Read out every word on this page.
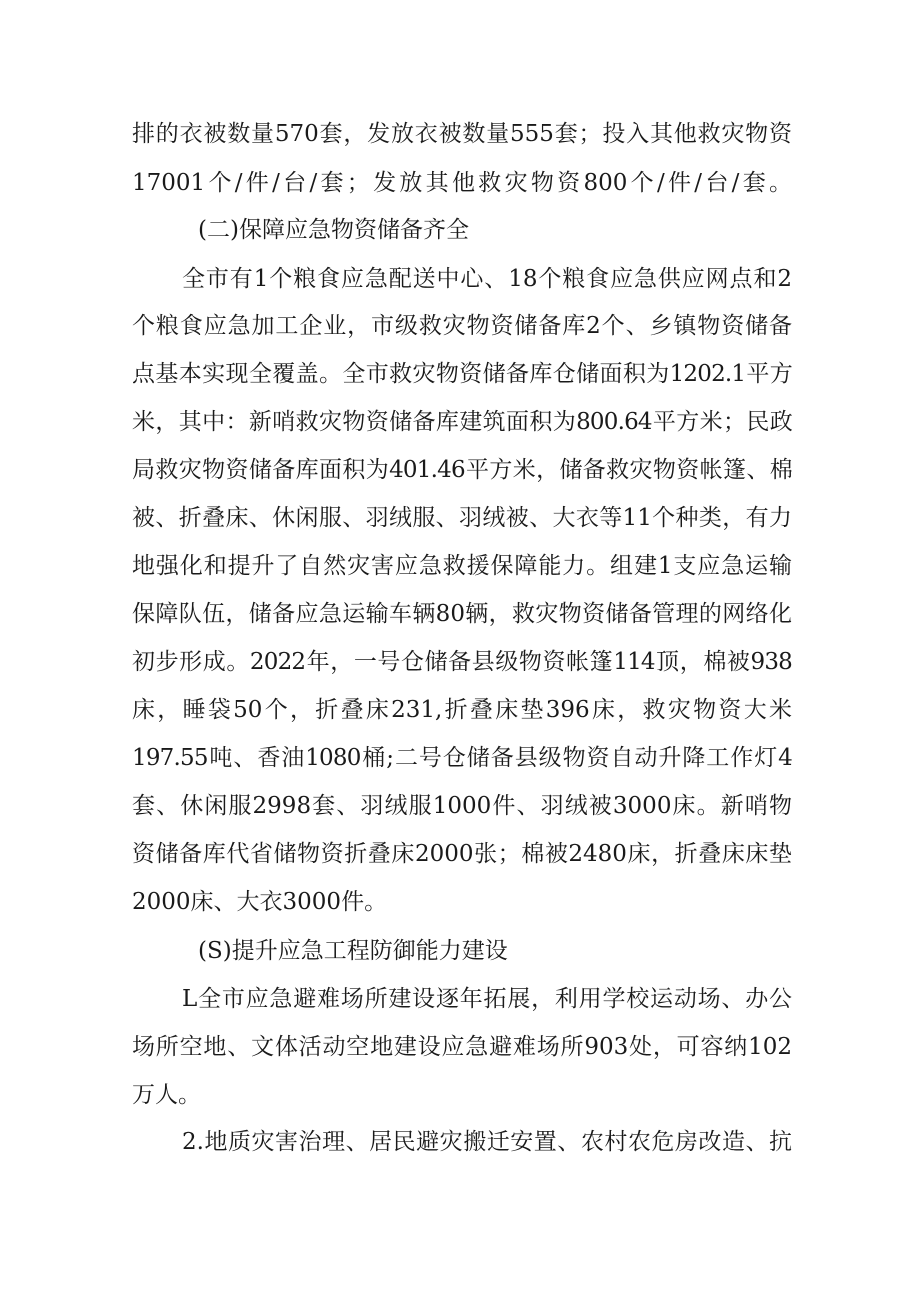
排的衣被数量570套，发放衣被数量555套；投入其他救灾物资
17001个/件/台/套；发放其他救灾物资800个/件/台/套。
(二)保障应急物资储备齐全
全市有1个粮食应急配送中心、18个粮食应急供应网点和2
个粮食应急加工企业，市级救灾物资储备库2个、乡镇物资储备
点基本实现全覆盖。全市救灾物资储备库仓储面积为1202.1平方
米，其中：新哨救灾物资储备库建筑面积为800.64平方米；民政
局救灾物资储备库面积为401.46平方米，储备救灾物资帐篷、棉
被、折叠床、休闲服、羽绒服、羽绒被、大衣等11个种类，有力
地强化和提升了自然灾害应急救援保障能力。组建1支应急运输
保障队伍，储备应急运输车辆80辆，救灾物资储备管理的网络化
初步形成。2022年，一号仓储备县级物资帐篷114顶，棉被938
床，睡袋50个，折叠床231,折叠床垫396床，救灾物资大米
197.55吨、香油1080桶;二号仓储备县级物资自动升降工作灯4
套、休闲服2998套、羽绒服1000件、羽绒被3000床。新哨物
资储备库代省储物资折叠床2000张；棉被2480床，折叠床床垫
2000床、大衣3000件。
(S)提升应急工程防御能力建设
L全市应急避难场所建设逐年拓展，利用学校运动场、办公
场所空地、文体活动空地建设应急避难场所903处，可容纳102
万人。
2.地质灾害治理、居民避灾搬迁安置、农村农危房改造、抗
